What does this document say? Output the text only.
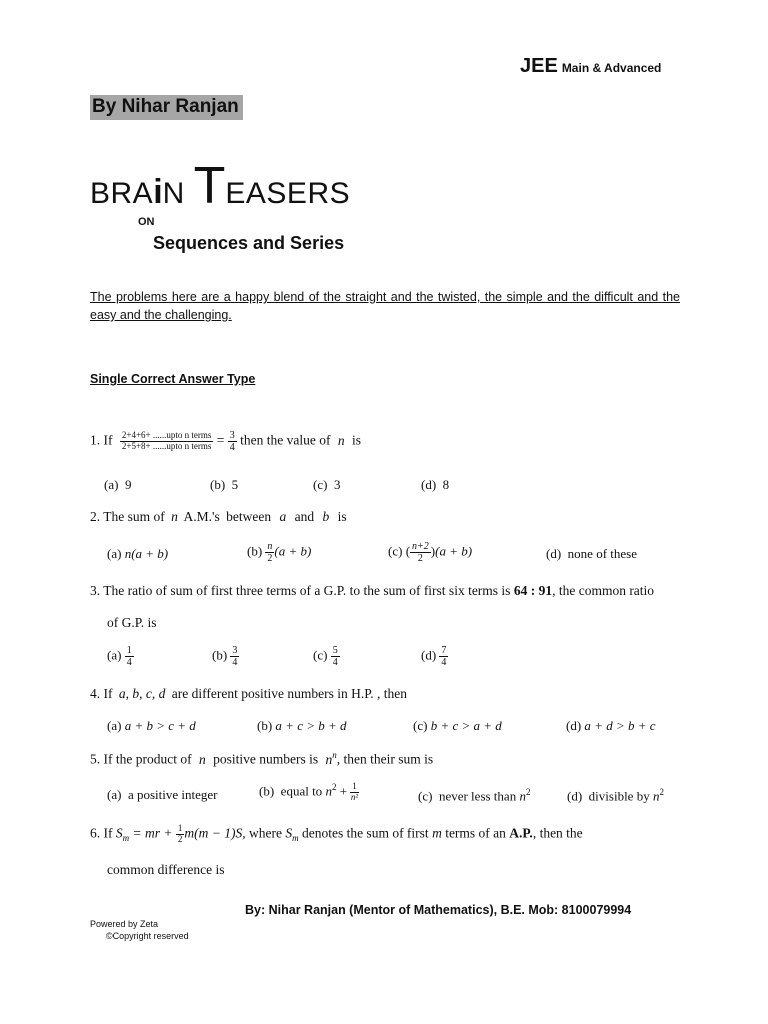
JEE Main & Advanced
By Nihar Ranjan
BRAiN TEASERS
ON
Sequences and Series
The problems here are a happy blend of the straight and the twisted, the simple and the difficult and the easy and the challenging.
Single Correct Answer Type
1. If $\frac{\text{2+4+6+ ......upto n terms}}{\text{2+5+8+ ......upto n terms}} = \frac{3}{4}$ then the value of n is
(a) 9	(b) 5	(c) 3	(d) 8
2. The sum of n A.M.'s between a and b is
(a) n(a + b)	$(b) \frac{n}{2} (a + b)$	(c) ( $\frac{n+2}{2} )(a + b)$	(d) none of these
3. The ratio of sum of first three terms of a G.P. to the sum of first six terms is 64 : 91, the common ratio
of G.P. is
$(a) \frac{1}{4}$	$(b) \frac{3}{4}$	$(c) \frac{5}{4}$	$(d) \frac{7}{4}$
4. If a, b, c, d are different positive numbers in H.P. , then
(a) a + b > c + d	(b) a + c > b + d	(c) b + c > a + d	(d) a + d > b + c
5. If the product of n positive numbers is $n^n$, then their sum is
(a) a positive integer	(b) equal to $n^2 + \frac{1}{\text{n²}}$	(c) never less than $n^2$	(d) divisible by $n^2$
6. If $S_m$ = mr + $\frac{1}{2} m(m - 1)S$, where $S_m$ denotes the sum of first m terms of an A.P., then the
common difference is
By: Nihar Ranjan (Mentor of Mathematics), B.E. Mob: 8100079994
Powered by Zeta
©Copyright reserved
